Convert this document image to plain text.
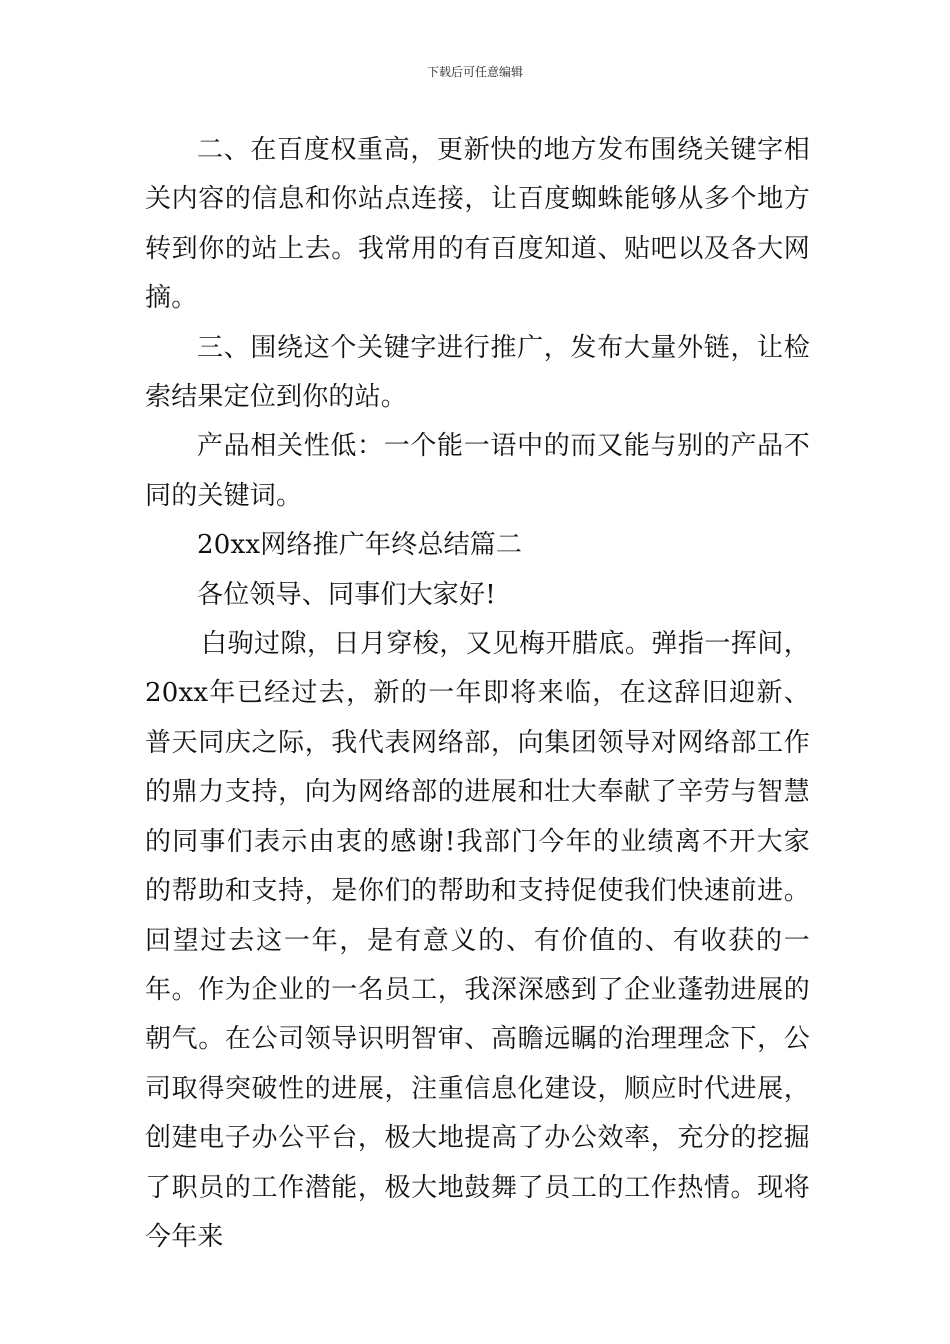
下载后可任意编辑

二、在百度权重高，更新快的地方发布围绕关键字相关内容的信息和你站点连接，让百度蜘蛛能够从多个地方转到你的站上去。我常用的有百度知道、贴吧以及各大网摘。

三、围绕这个关键字进行推广，发布大量外链，让检索结果定位到你的站。

产品相关性低：一个能一语中的而又能与别的产品不同的关键词。

20xx网络推广年终总结篇二

各位领导、同事们大家好!

白驹过隙，日月穿梭，又见梅开腊底。弹指一挥间，20xx年已经过去，新的一年即将来临，在这辞旧迎新、普天同庆之际，我代表网络部，向集团领导对网络部工作的鼎力支持，向为网络部的进展和壮大奉献了辛劳与智慧的同事们表示由衷的感谢!我部门今年的业绩离不开大家的帮助和支持，是你们的帮助和支持促使我们快速前进。回望过去这一年，是有意义的、有价值的、有收获的一年。作为企业的一名员工，我深深感到了企业蓬勃进展的朝气。在公司领导识明智审、高瞻远瞩的治理理念下，公司取得突破性的进展，注重信息化建设，顺应时代进展，创建电子办公平台，极大地提高了办公效率，充分的挖掘了职员的工作潜能，极大地鼓舞了员工的工作热情。现将今年来
